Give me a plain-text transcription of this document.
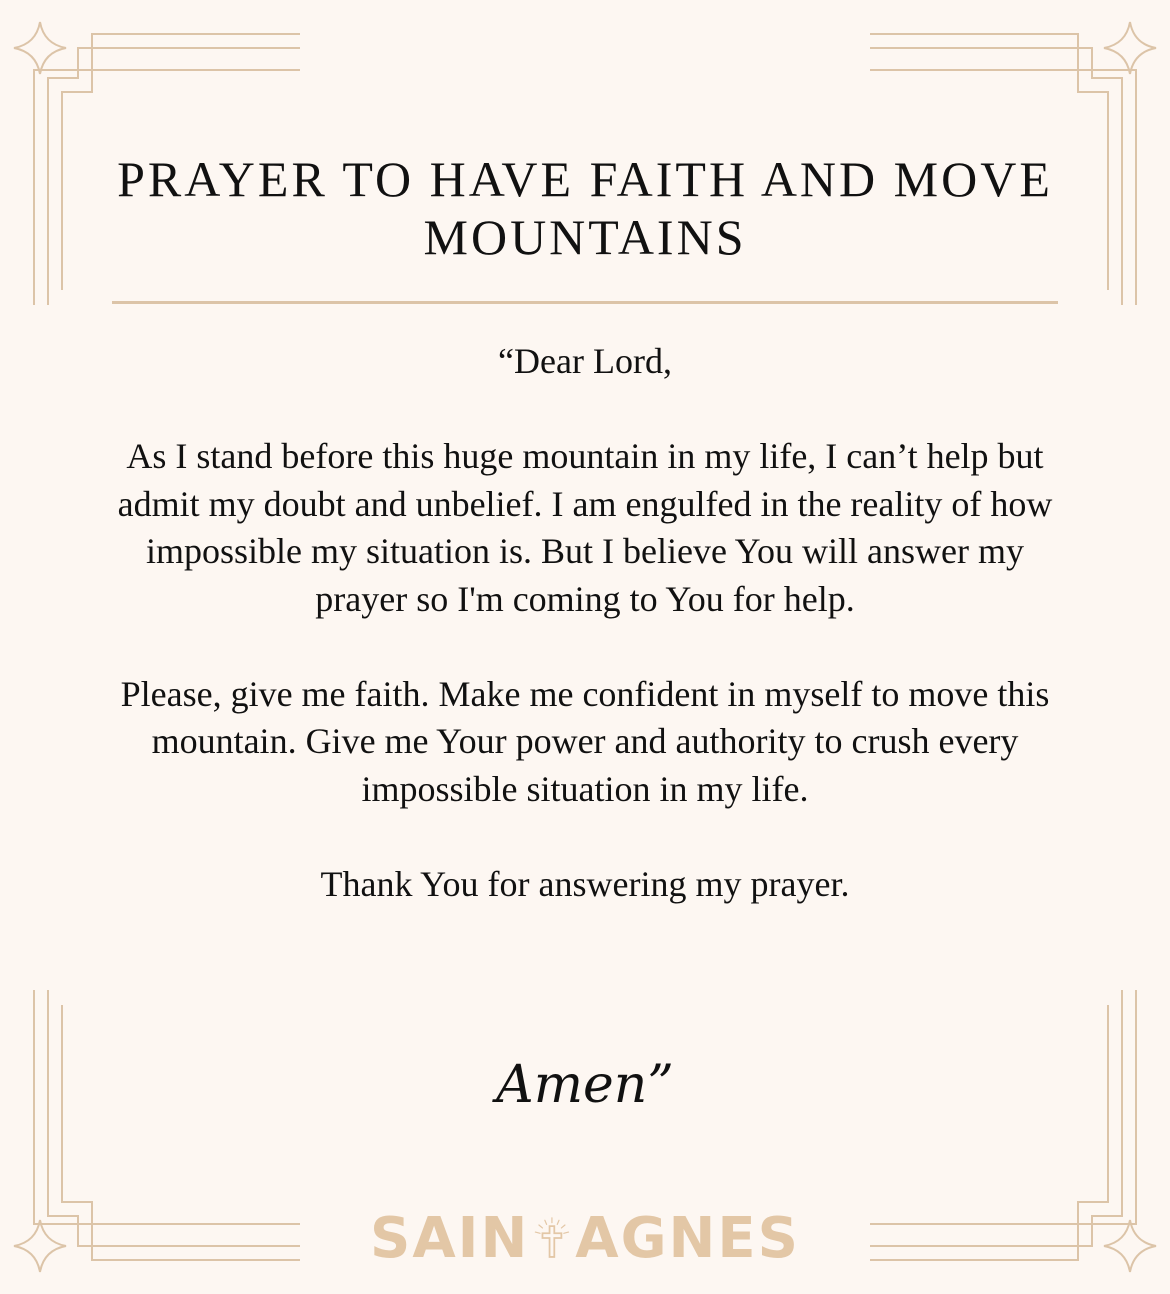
PRAYER TO HAVE FAITH AND MOVE MOUNTAINS

“Dear Lord,

As I stand before this huge mountain in my life, I can’t help but admit my doubt and unbelief. I am engulfed in the reality of how impossible my situation is. But I believe You will answer my prayer so I'm coming to You for help.

Please, give me faith. Make me confident in myself to move this mountain. Give me Your power and authority to crush every impossible situation in my life.

Thank You for answering my prayer.

Amen”
SAIN AGNES
